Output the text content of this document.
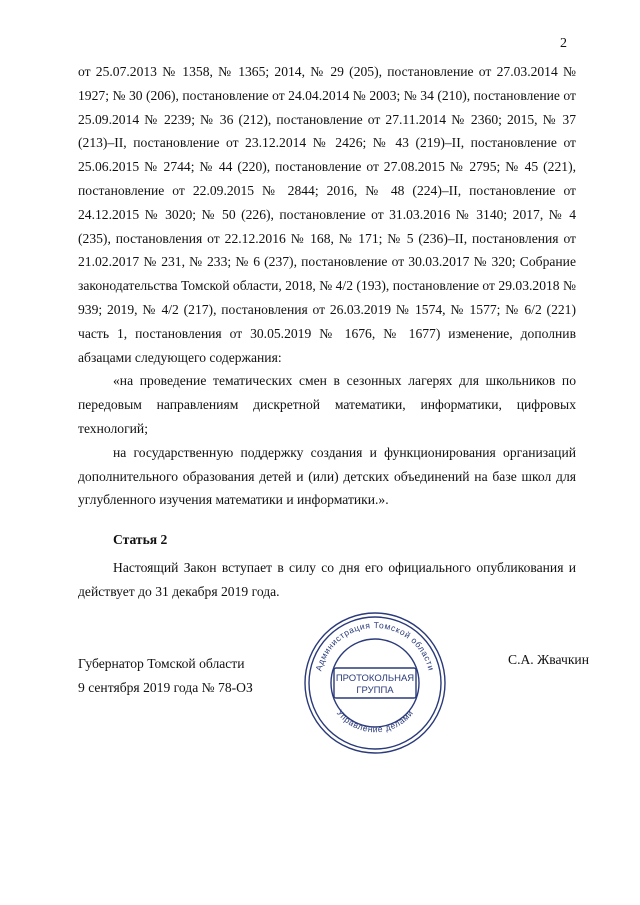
2

от 25.07.2013 № 1358, № 1365; 2014, № 29 (205), постановление от 27.03.2014 № 1927; № 30 (206), постановление от 24.04.2014 № 2003; № 34 (210), постановление от 25.09.2014 № 2239; № 36 (212), постановление от 27.11.2014 № 2360; 2015, № 37 (213)–II, постановление от 23.12.2014 № 2426; № 43 (219)–II, постановление от 25.06.2015 № 2744; № 44 (220), постановление от 27.08.2015 № 2795; № 45 (221), постановление от 22.09.2015 № 2844; 2016, № 48 (224)–II, постановление от 24.12.2015 № 3020; № 50 (226), постановление от 31.03.2016 № 3140; 2017, № 4 (235), постановления от 22.12.2016 № 168, № 171; № 5 (236)–II, постановления от 21.02.2017 № 231, № 233; № 6 (237), постановление от 30.03.2017 № 320; Собрание законодательства Томской области, 2018, № 4/2 (193), постановление от 29.03.2018 № 939; 2019, № 4/2 (217), постановления от 26.03.2019 № 1574, № 1577; № 6/2 (221) часть 1, постановления от 30.05.2019 № 1676, № 1677) изменение, дополнив абзацами следующего содержания:

«на проведение тематических смен в сезонных лагерях для школьников по передовым направлениям дискретной математики, информатики, цифровых технологий;

на государственную поддержку создания и функционирования организаций дополнительного образования детей и (или) детских объединений на базе школ для углубленного изучения математики и информатики.».

Статья 2

Настоящий Закон вступает в силу со дня его официального опубликования и действует до 31 декабря 2019 года.

Губернатор Томской области
9 сентября 2019 года № 78-ОЗ
С.А. Жвачкин
Администрация Томской области
Управление делами
ПРОТОКОЛЬНАЯ
ГРУППА
